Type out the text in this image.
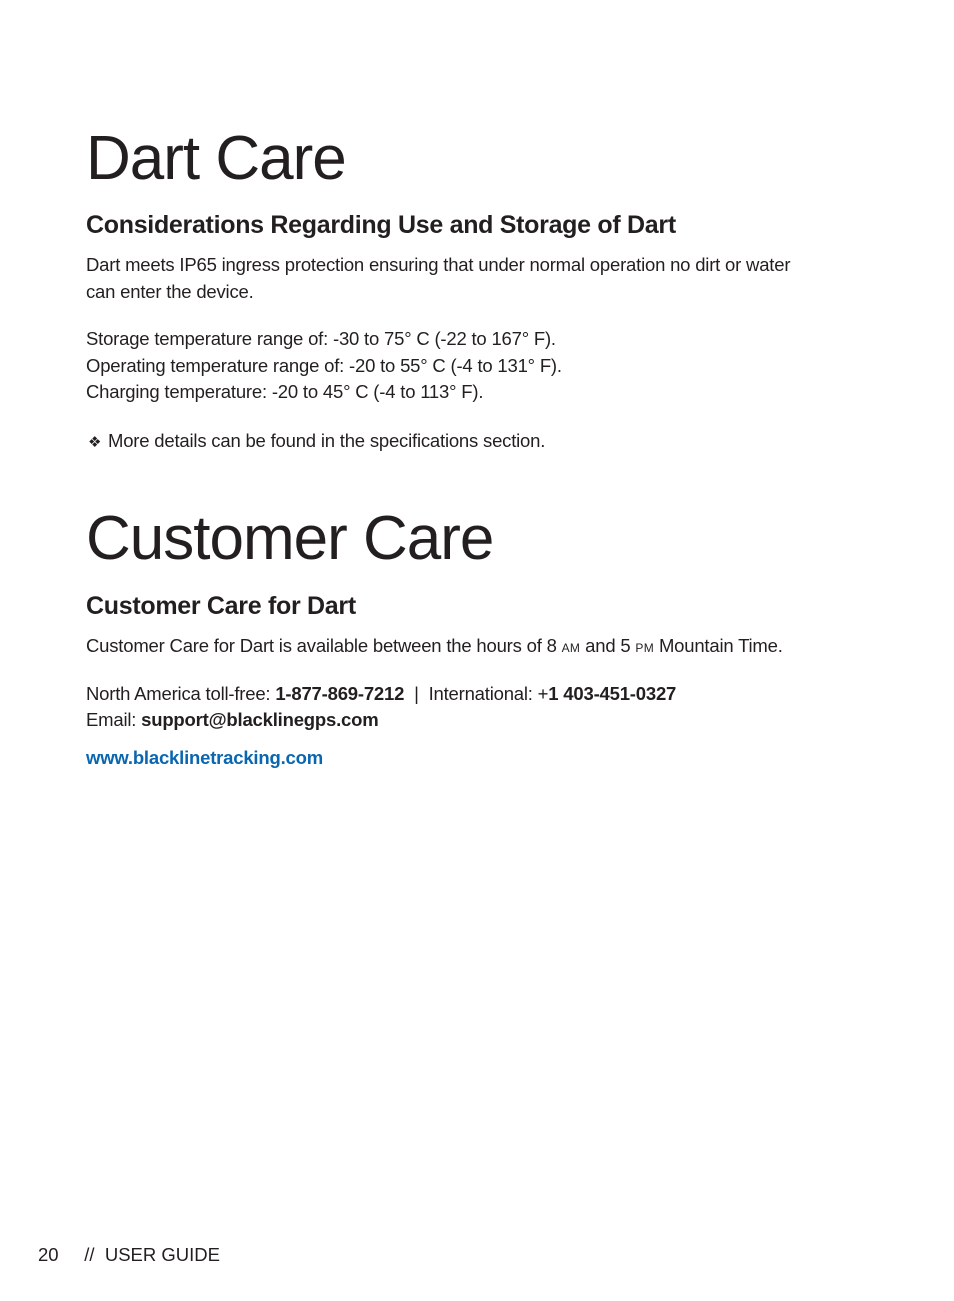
Dart Care
Considerations Regarding Use and Storage of Dart

Dart meets IP65 ingress protection ensuring that under normal operation no dirt or water

can enter the device.

Storage temperature range of: -30 to 75° C (-22 to 167° F).

Operating temperature range of: -20 to 55° C (-4 to 131° F).

Charging temperature: -20 to 45° C (-4 to 113° F).

❖ More details can be found in the specifications section.

Customer Care
Customer Care for Dart

Customer Care for Dart is available between the hours of 8 AM and 5 PM Mountain Time.

North America toll-free: 1-877-869-7212  |  International: +1 403-451-0327

Email: support@blacklinegps.com

www.blacklinetracking.com

20 //  USER GUIDE
